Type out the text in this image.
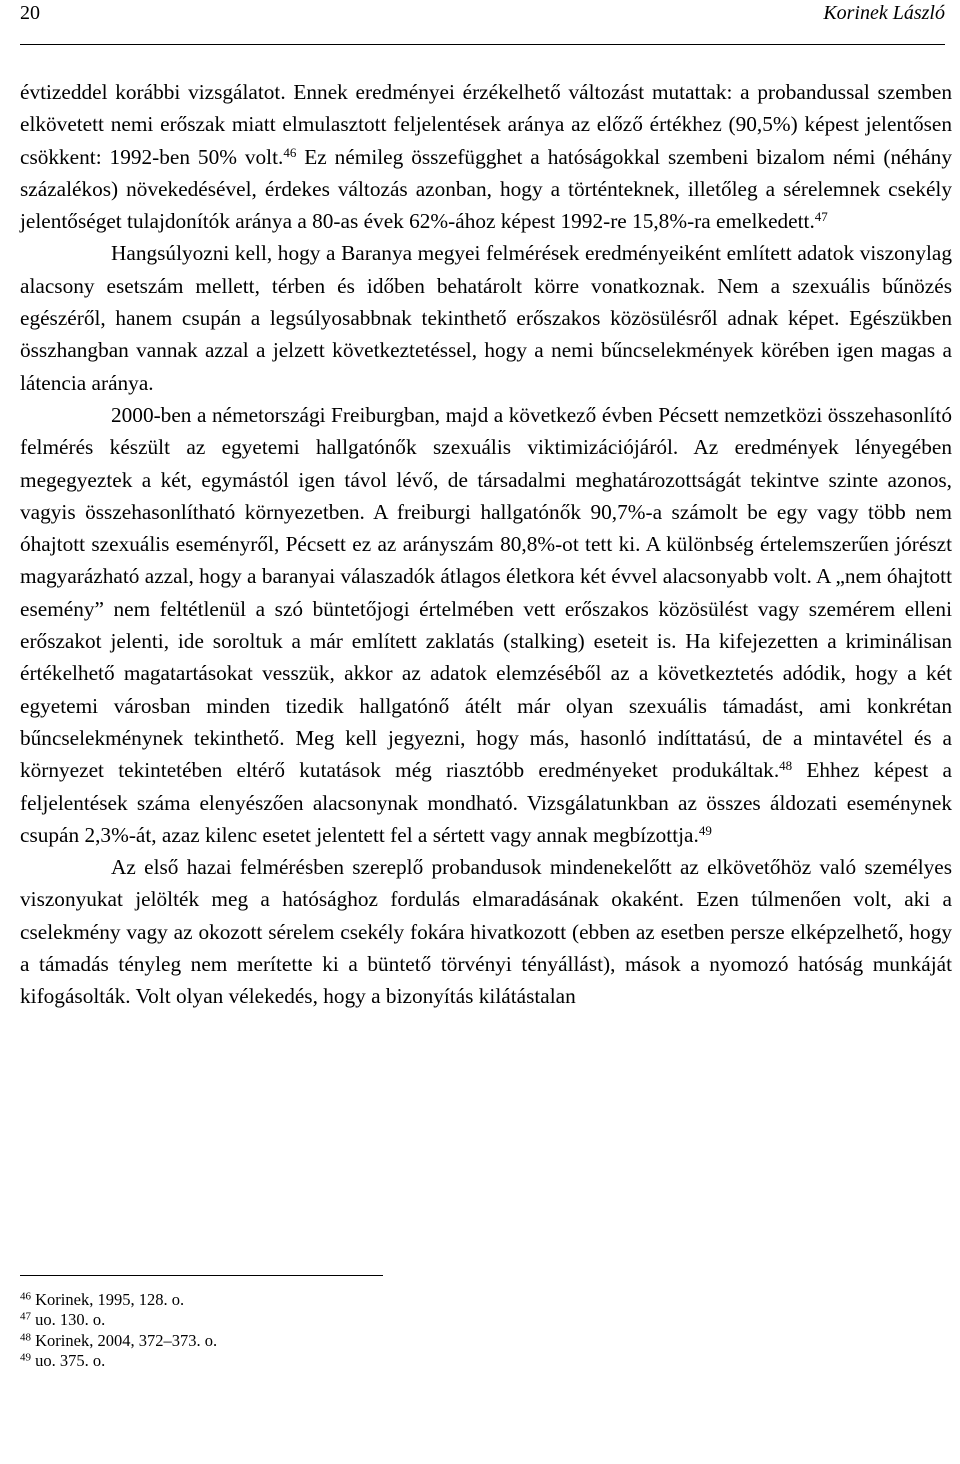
20	Korinek László

évtizeddel korábbi vizsgálatot. Ennek eredményei érzékelhető változást mutattak: a probandussal szemben elkövetett nemi erőszak miatt elmulasztott feljelentések aránya az előző értékhez (90,5%) képest jelentősen csökkent: 1992-ben 50% volt.$^{46}$ Ez némileg összefügghet a hatóságokkal szembeni bizalom némi (néhány százalékos) növekedésével, érdekes változás azonban, hogy a történteknek, illetőleg a sérelemnek csekély jelentőséget tulajdonítók aránya a 80-as évek 62%-ához képest 1992-re 15,8%-ra emelkedett.$^{47}$

Hangsúlyozni kell, hogy a Baranya megyei felmérések eredményeiként említett adatok viszonylag alacsony esetszám mellett, térben és időben behatárolt körre vonatkoznak. Nem a szexuális bűnözés egészéről, hanem csupán a legsúlyosabbnak tekinthető erőszakos közösülésről adnak képet. Egészükben összhangban vannak azzal a jelzett következtetéssel, hogy a nemi bűncselekmények körében igen magas a látencia aránya.

2000-ben a németországi Freiburgban, majd a következő évben Pécsett nemzetközi összehasonlító felmérés készült az egyetemi hallgatónők szexuális viktimizációjáról. Az eredmények lényegében megegyeztek a két, egymástól igen távol lévő, de társadalmi meghatározottságát tekintve szinte azonos, vagyis összehasonlítható környezetben. A freiburgi hallgatónők 90,7%-a számolt be egy vagy több nem óhajtott szexuális eseményről, Pécsett ez az arányszám 80,8%-ot tett ki. A különbség értelemszerűen jórészt magyarázható azzal, hogy a baranyai válaszadók átlagos életkora két évvel alacsonyabb volt. A „nem óhajtott esemény” nem feltétlenül a szó büntetőjogi értelmében vett erőszakos közösülést vagy szemérem elleni erőszakot jelenti, ide soroltuk a már említett zaklatás (stalking) eseteit is. Ha kifejezetten a kriminálisan értékelhető magatartásokat vesszük, akkor az adatok elemzéséből az a következtetés adódik, hogy a két egyetemi városban minden tizedik hallgatónő átélt már olyan szexuális támadást, ami konkrétan bűncselekménynek tekinthető. Meg kell jegyezni, hogy más, hasonló indíttatású, de a mintavétel és a környezet tekintetében eltérő kutatások még riasztóbb eredményeket produkáltak.$^{48}$ Ehhez képest a feljelentések száma elenyészően alacsonynak mondható. Vizsgálatunkban az összes áldozati eseménynek csupán 2,3%-át, azaz kilenc esetet jelentett fel a sértett vagy annak megbízottja.$^{49}$

Az első hazai felmérésben szereplő probandusok mindenekelőtt az elkövetőhöz való személyes viszonyukat jelölték meg a hatósághoz fordulás elmaradásának okaként. Ezen túlmenően volt, aki a cselekmény vagy az okozott sérelem csekély fokára hivatkozott (ebben az esetben persze elképzelhető, hogy a támadás tényleg nem merítette ki a büntető törvényi tényállást), mások a nyomozó hatóság munkáját kifogásolták. Volt olyan vélekedés, hogy a bizonyítás kilátástalan

$^{46}$ Korinek, 1995, 128. o.
$^{47}$ uo. 130. o.
$^{48}$ Korinek, 2004, 372–373. o.
$^{49}$ uo. 375. o.
